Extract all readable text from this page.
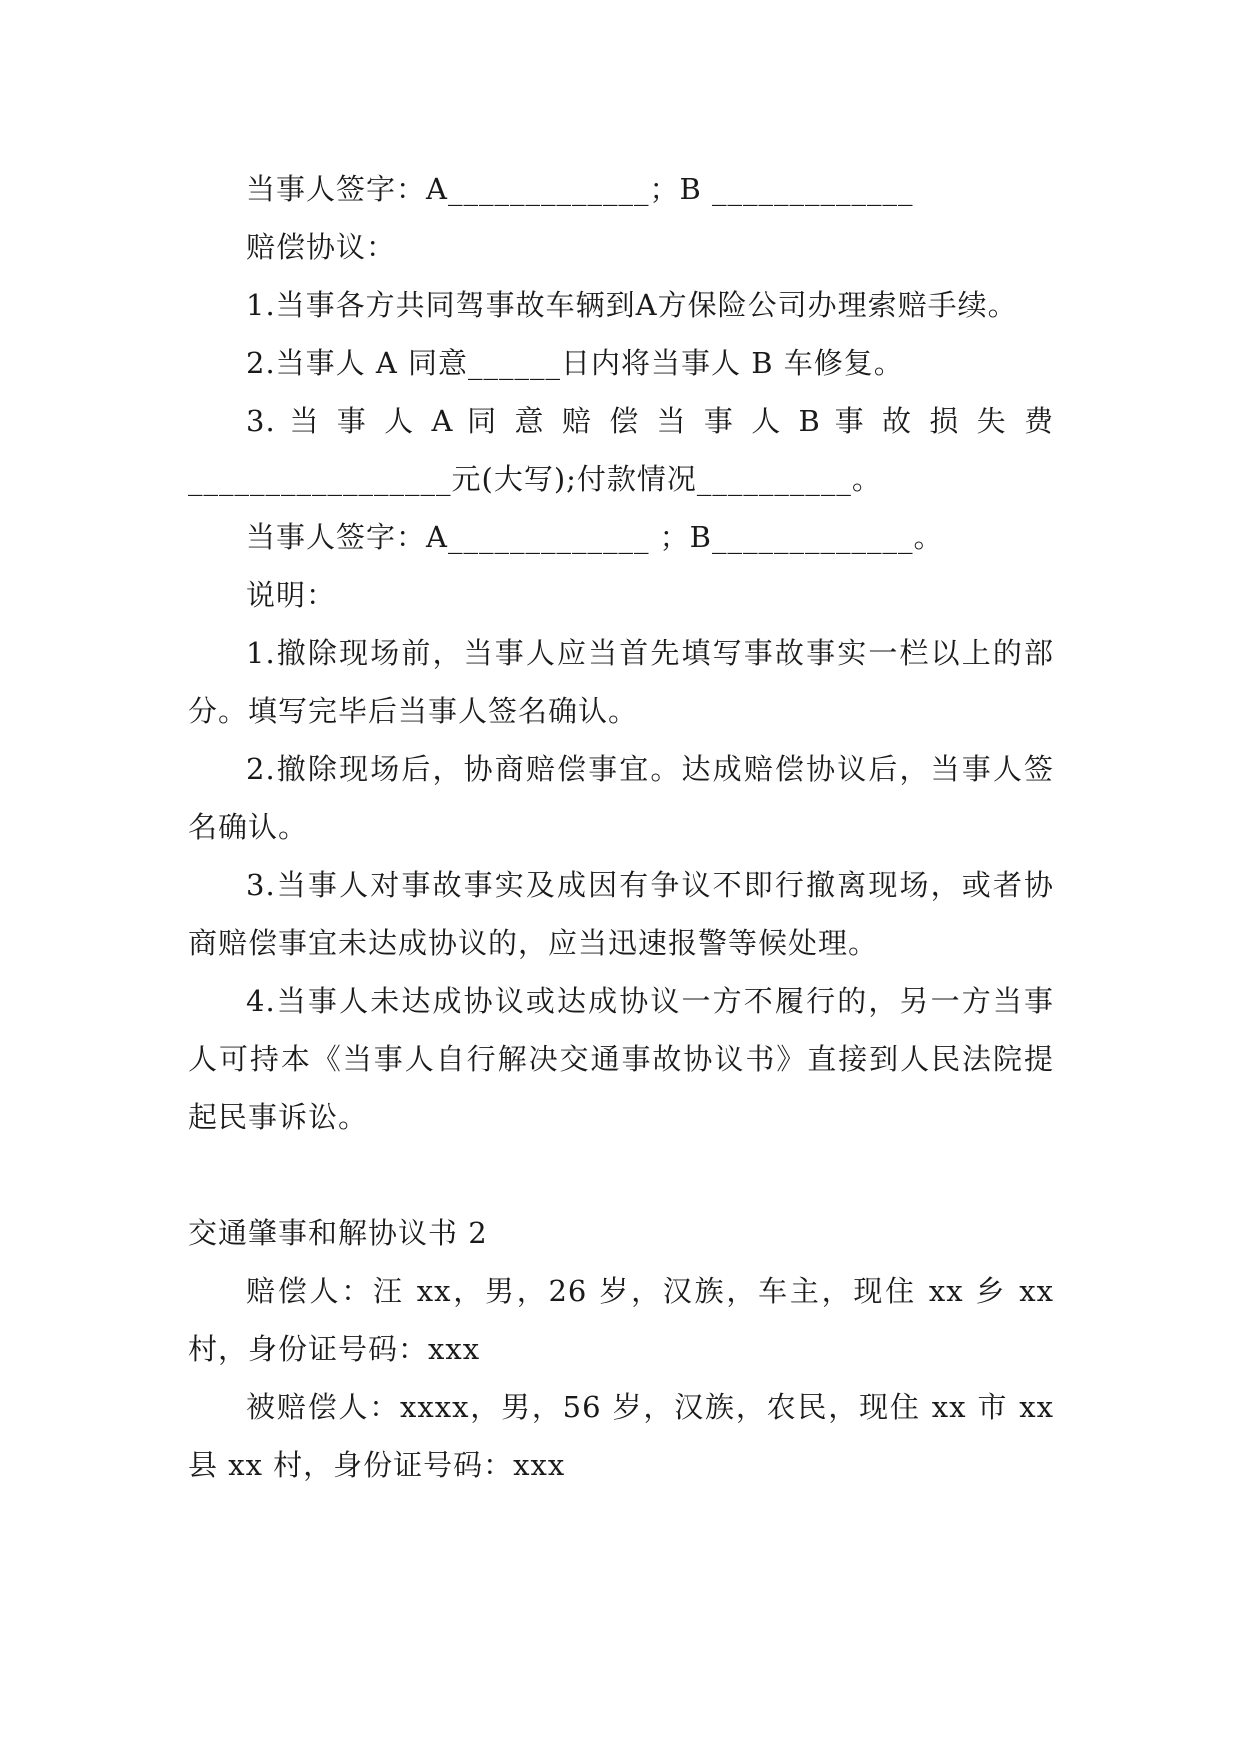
当事人签字：A_____________；B _____________

赔偿协议：

1.当事各方共同驾事故车辆到A方保险公司办理索赔手续。

2.当事人 A 同意______日内将当事人 B 车修复。

3. 当 事 人 A 同 意 赔 偿 当 事 人 B 事 故 损 失 费

_________________元(大写);付款情况__________。

当事人签字：A_____________ ；B_____________。

说明：

1.撤除现场前，当事人应当首先填写事故事实一栏以上的部分。填写完毕后当事人签名确认。

2.撤除现场后，协商赔偿事宜。达成赔偿协议后，当事人签名确认。

3.当事人对事故事实及成因有争议不即行撤离现场，或者协商赔偿事宜未达成协议的，应当迅速报警等候处理。

4.当事人未达成协议或达成协议一方不履行的，另一方当事人可持本《当事人自行解决交通事故协议书》直接到人民法院提起民事诉讼。

交通肇事和解协议书 2

赔偿人：汪 xx，男，26 岁，汉族，车主，现住 xx 乡 xx 村，身份证号码：xxx

被赔偿人：xxxx，男，56 岁，汉族，农民，现住 xx 市 xx 县 xx 村，身份证号码：xxx
